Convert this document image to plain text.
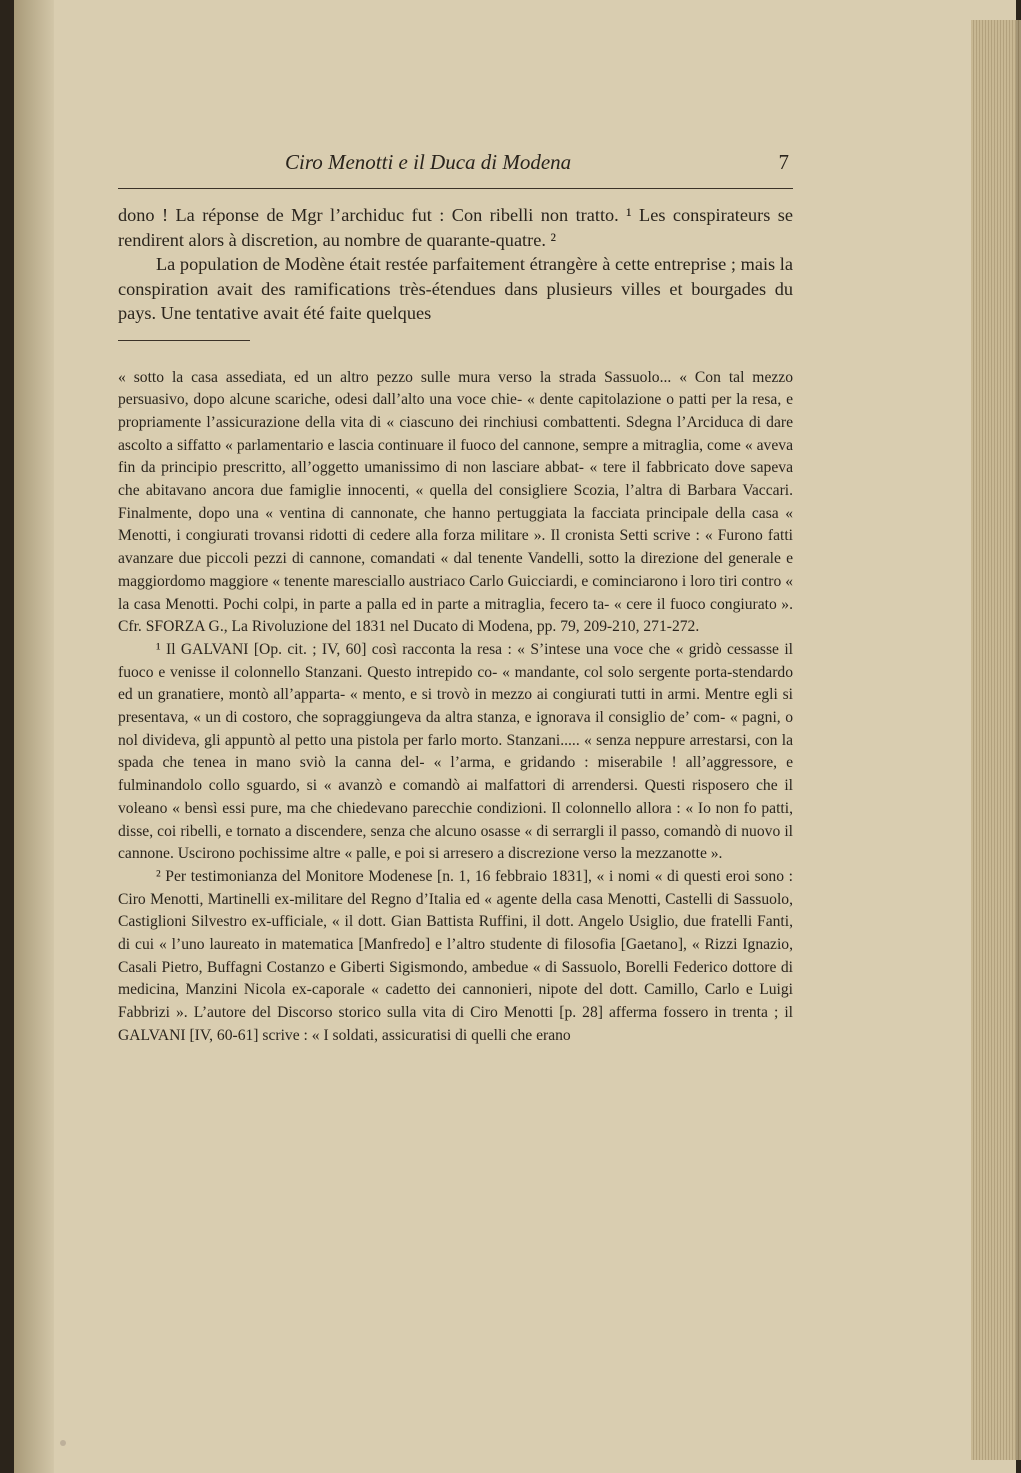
Ciro Menotti e il Duca di Modena	7

dono ! La réponse de Mgr l’archiduc fut : Con ribelli non tratto. ¹ Les conspirateurs se rendirent alors à discretion, au nombre de quarante-quatre. ²

La population de Modène était restée parfaitement étrangère à cette entreprise ; mais la conspiration avait des ramifications très-étendues dans plusieurs villes et bourgades du pays. Une tentative avait été faite quelques

« sotto la casa assediata, ed un altro pezzo sulle mura verso la strada Sassuolo... « Con tal mezzo persuasivo, dopo alcune scariche, odesi dall’alto una voce chie- « dente capitolazione o patti per la resa, e propriamente l’assicurazione della vita di « ciascuno dei rinchiusi combattenti. Sdegna l’Arciduca di dare ascolto a siffatto « parlamentario e lascia continuare il fuoco del cannone, sempre a mitraglia, come « aveva fin da principio prescritto, all’oggetto umanissimo di non lasciare abbat- « tere il fabbricato dove sapeva che abitavano ancora due famiglie innocenti, « quella del consigliere Scozia, l’altra di Barbara Vaccari. Finalmente, dopo una « ventina di cannonate, che hanno pertuggiata la facciata principale della casa « Menotti, i congiurati trovansi ridotti di cedere alla forza militare ». Il cronista Setti scrive : « Furono fatti avanzare due piccoli pezzi di cannone, comandati « dal tenente Vandelli, sotto la direzione del generale e maggiordomo maggiore « tenente maresciallo austriaco Carlo Guicciardi, e cominciarono i loro tiri contro « la casa Menotti. Pochi colpi, in parte a palla ed in parte a mitraglia, fecero ta- « cere il fuoco congiurato ». Cfr. SFORZA G., La Rivoluzione del 1831 nel Ducato di Modena, pp. 79, 209-210, 271-272.

¹ Il GALVANI [Op. cit. ; IV, 60] così racconta la resa : « S’intese una voce che « gridò cessasse il fuoco e venisse il colonnello Stanzani. Questo intrepido co- « mandante, col solo sergente porta-stendardo ed un granatiere, montò all’apparta- « mento, e si trovò in mezzo ai congiurati tutti in armi. Mentre egli si presentava, « un di costoro, che sopraggiungeva da altra stanza, e ignorava il consiglio de’ com- « pagni, o nol divideva, gli appuntò al petto una pistola per farlo morto. Stanzani..... « senza neppure arrestarsi, con la spada che tenea in mano sviò la canna del- « l’arma, e gridando : miserabile ! all’aggressore, e fulminandolo collo sguardo, si « avanzò e comandò ai malfattori di arrendersi. Questi risposero che il voleano « bensì essi pure, ma che chiedevano parecchie condizioni. Il colonnello allora : « Io non fo patti, disse, coi ribelli, e tornato a discendere, senza che alcuno osasse « di serrargli il passo, comandò di nuovo il cannone. Uscirono pochissime altre « palle, e poi si arresero a discrezione verso la mezzanotte ».

² Per testimonianza del Monitore Modenese [n. 1, 16 febbraio 1831], « i nomi « di questi eroi sono : Ciro Menotti, Martinelli ex-militare del Regno d’Italia ed « agente della casa Menotti, Castelli di Sassuolo, Castiglioni Silvestro ex-ufficiale, « il dott. Gian Battista Ruffini, il dott. Angelo Usiglio, due fratelli Fanti, di cui « l’uno laureato in matematica [Manfredo] e l’altro studente di filosofia [Gaetano], « Rizzi Ignazio, Casali Pietro, Buffagni Costanzo e Giberti Sigismondo, ambedue « di Sassuolo, Borelli Federico dottore di medicina, Manzini Nicola ex-caporale « cadetto dei cannonieri, nipote del dott. Camillo, Carlo e Luigi Fabbrizi ». L’autore del Discorso storico sulla vita di Ciro Menotti [p. 28] afferma fossero in trenta ; il GALVANI [IV, 60-61] scrive : « I soldati, assicuratisi di quelli che erano
